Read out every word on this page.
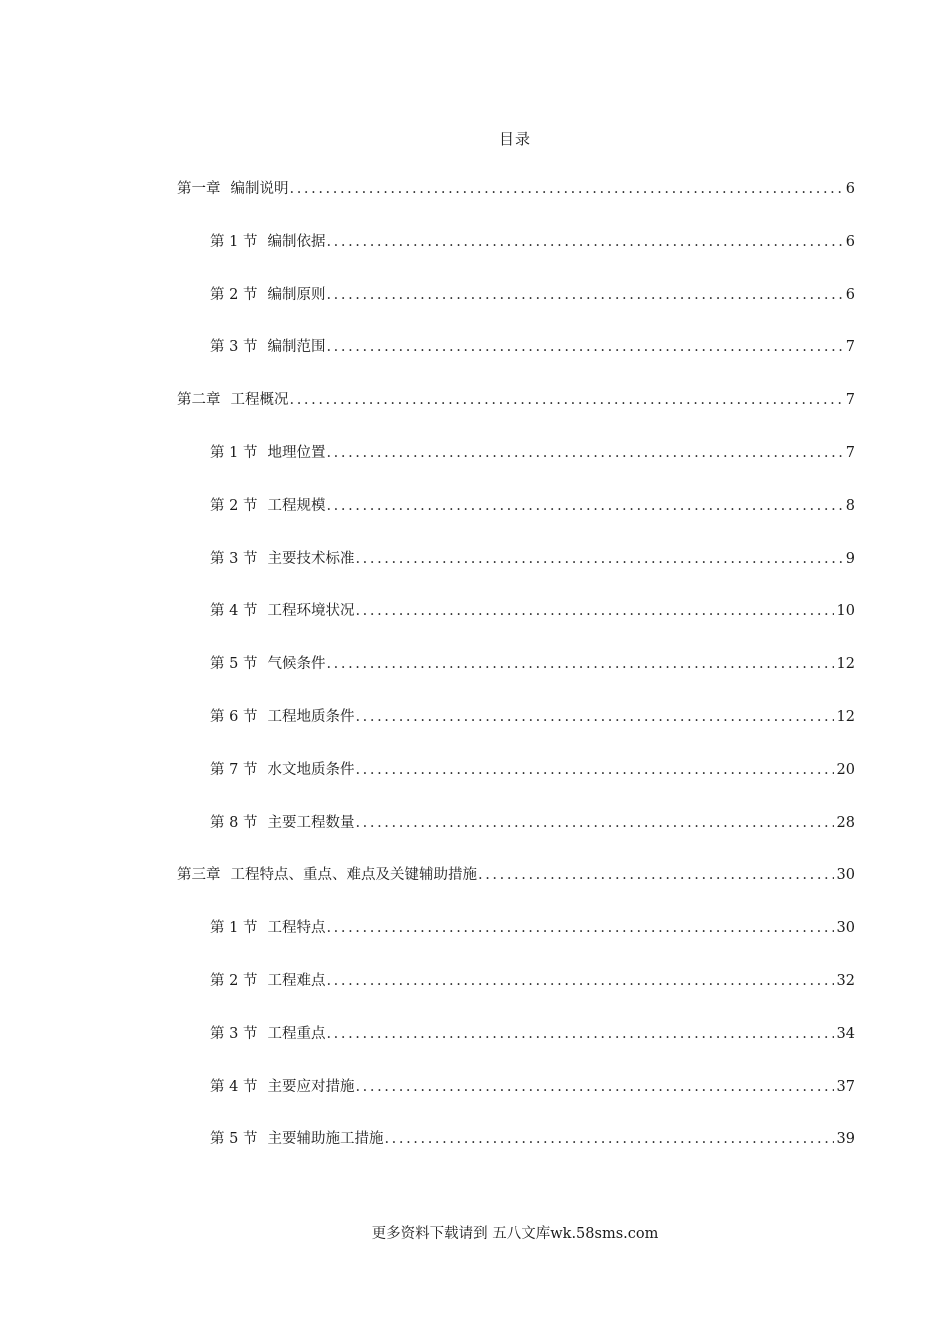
目录
第一章 编制说明 .....	6
第 1 节 编制依据 .....	6
第 2 节 编制原则 .....	6
第 3 节 编制范围 .....	7
第二章 工程概况 .....	7
第 1 节 地理位置 .....	7
第 2 节 工程规模 .....	8
第 3 节 主要技术标准 .....	9
第 4 节 工程环境状况 .....	10
第 5 节 气候条件 .....	12
第 6 节 工程地质条件 .....	12
第 7 节 水文地质条件 .....	20
第 8 节 主要工程数量 .....	28
第三章 工程特点、重点、难点及关键辅助措施 .....	30
第 1 节 工程特点 .....	30
第 2 节 工程难点 .....	32
第 3 节 工程重点 .....	34
第 4 节 主要应对措施 .....	37
第 5 节 主要辅助施工措施 .....	39
更多资料下载请到 五八文库wk.58sms.com
